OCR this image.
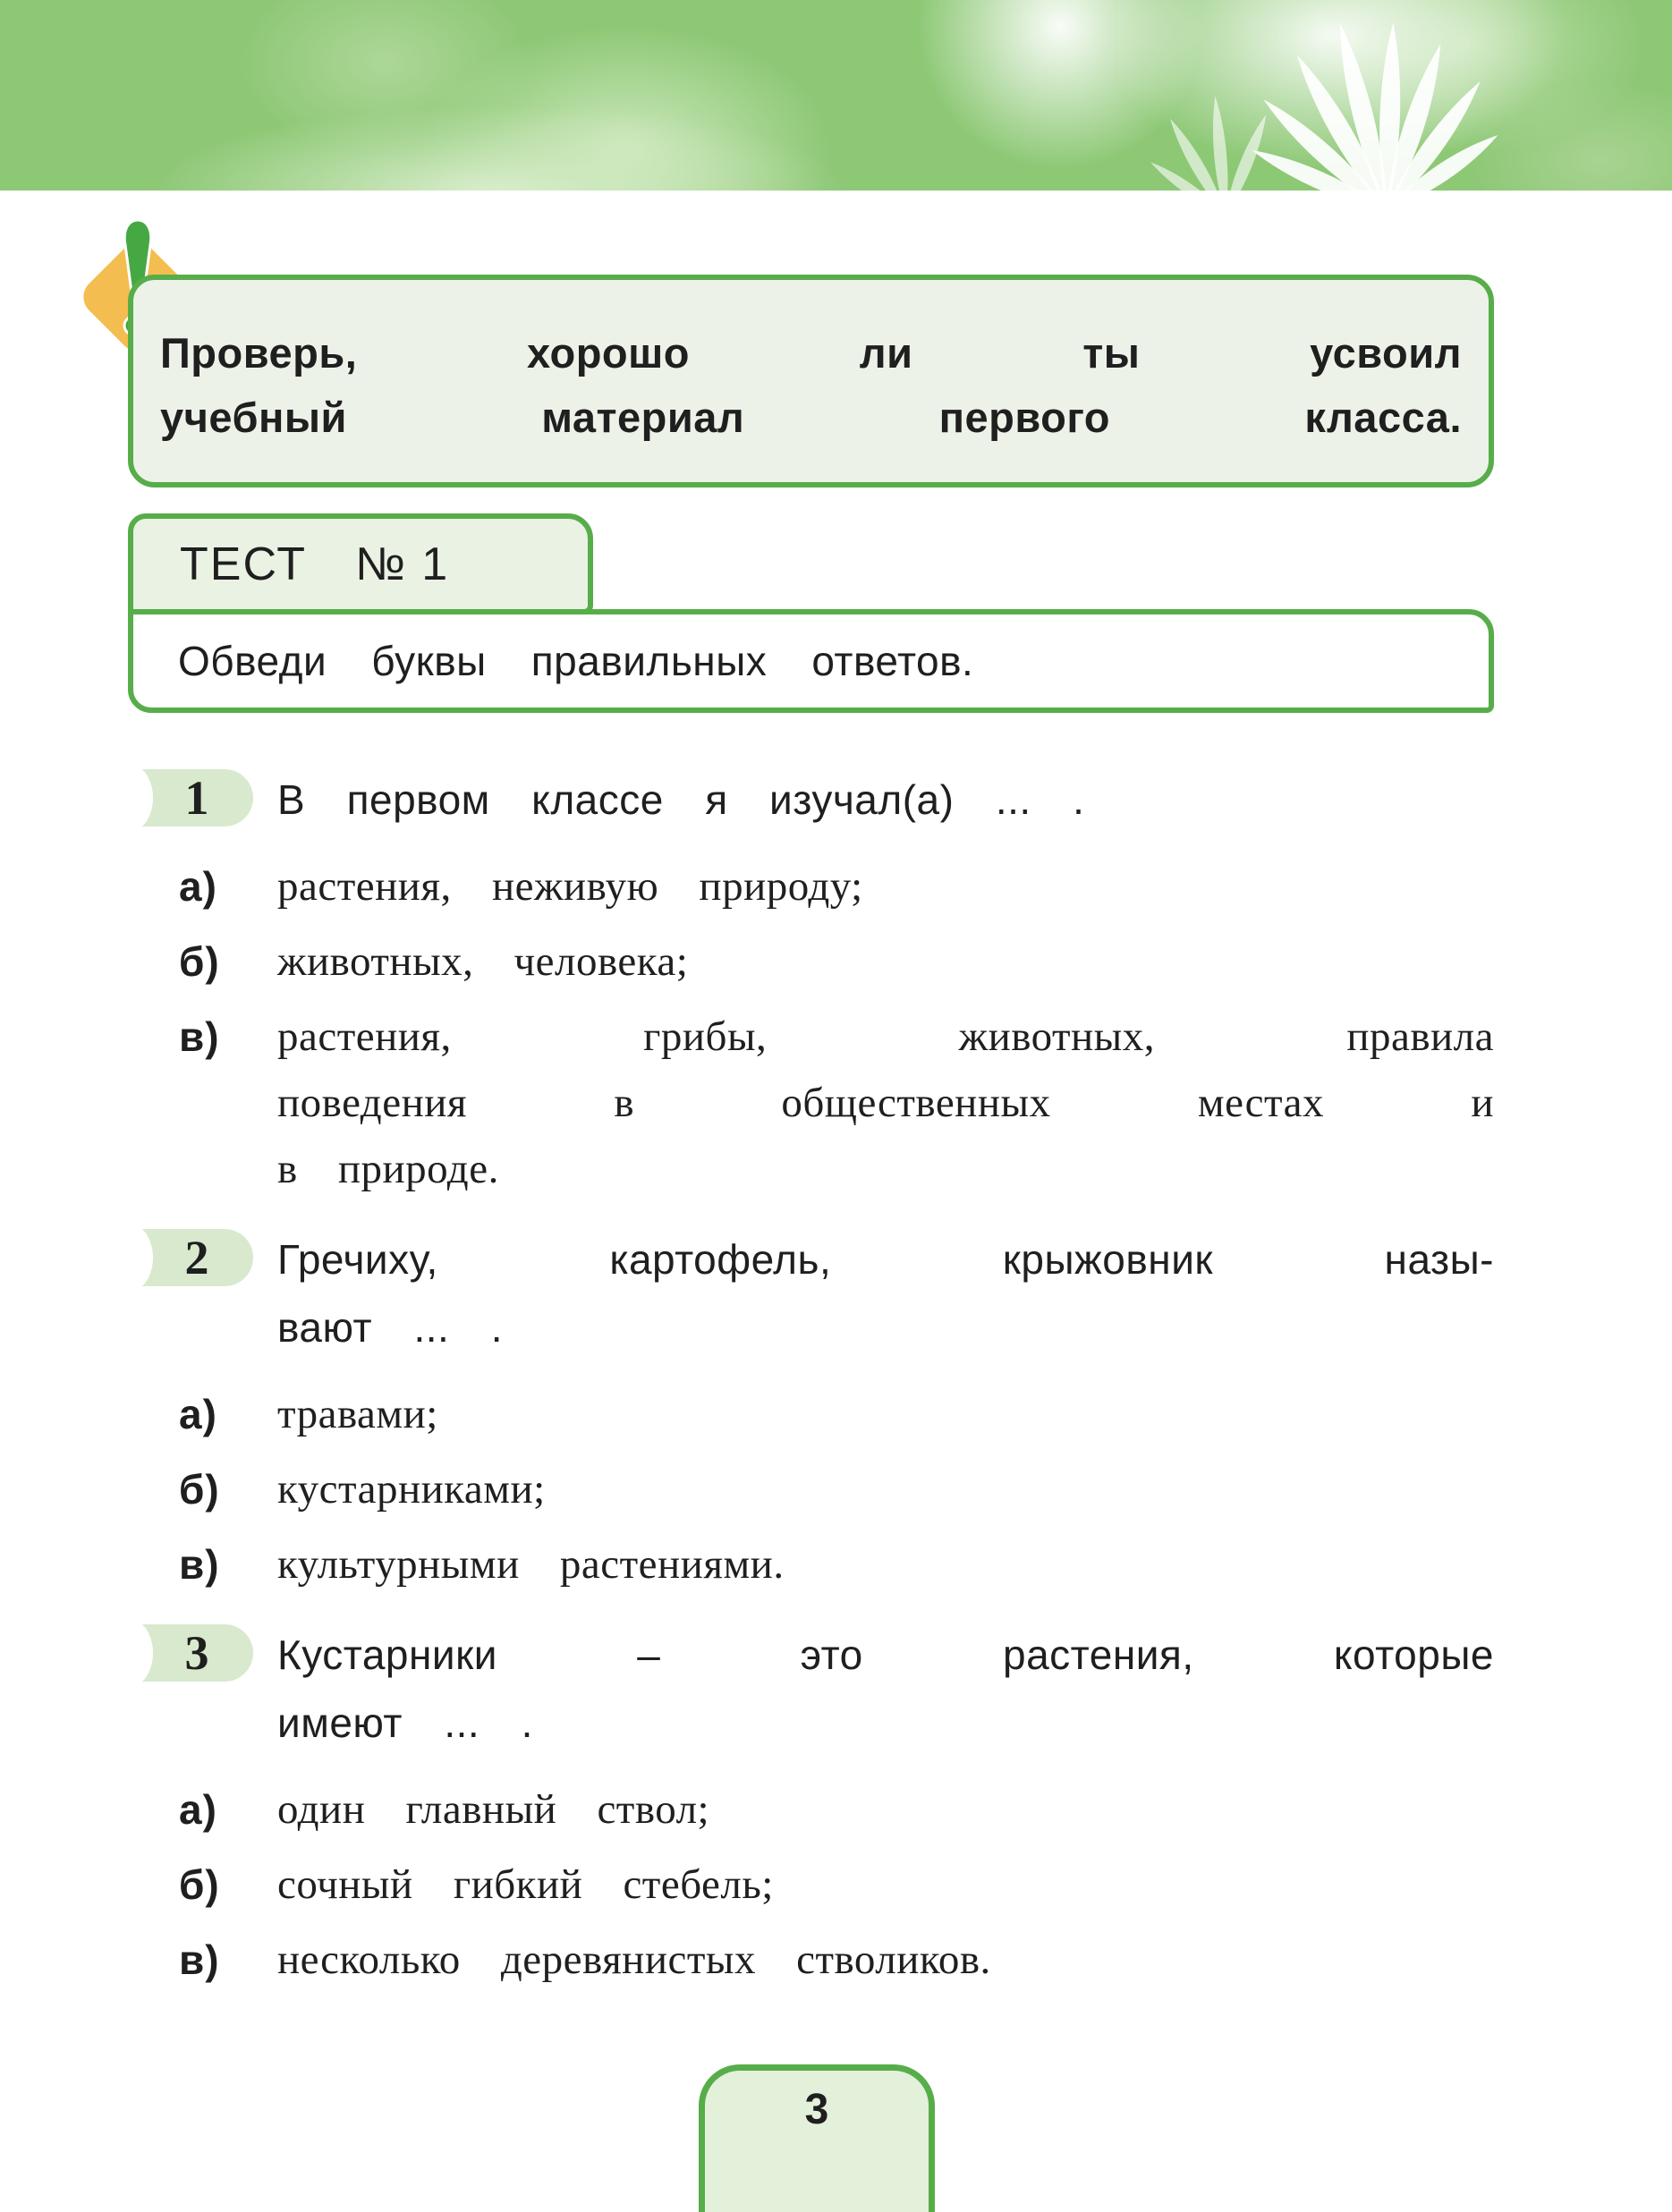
Проверь, хорошо ли ты усвоил
учебный материал первого класса.
ТЕСТ № 1
Обведи буквы правильных ответов.
1	В первом классе я изучал(а) ... .
а)	растения, неживую природу;
б)	животных, человека;
в)	растения, грибы, животных, правила
поведения в общественных местах и
в природе.
2	Гречиху, картофель, крыжовник назы-
вают ... .
а)	травами;
б)	кустарниками;
в)	культурными растениями.
3	Кустарники – это растения, которые
имеют ... .
а)	один главный ствол;
б)	сочный гибкий стебель;
в)	несколько деревянистых стволиков.
3
